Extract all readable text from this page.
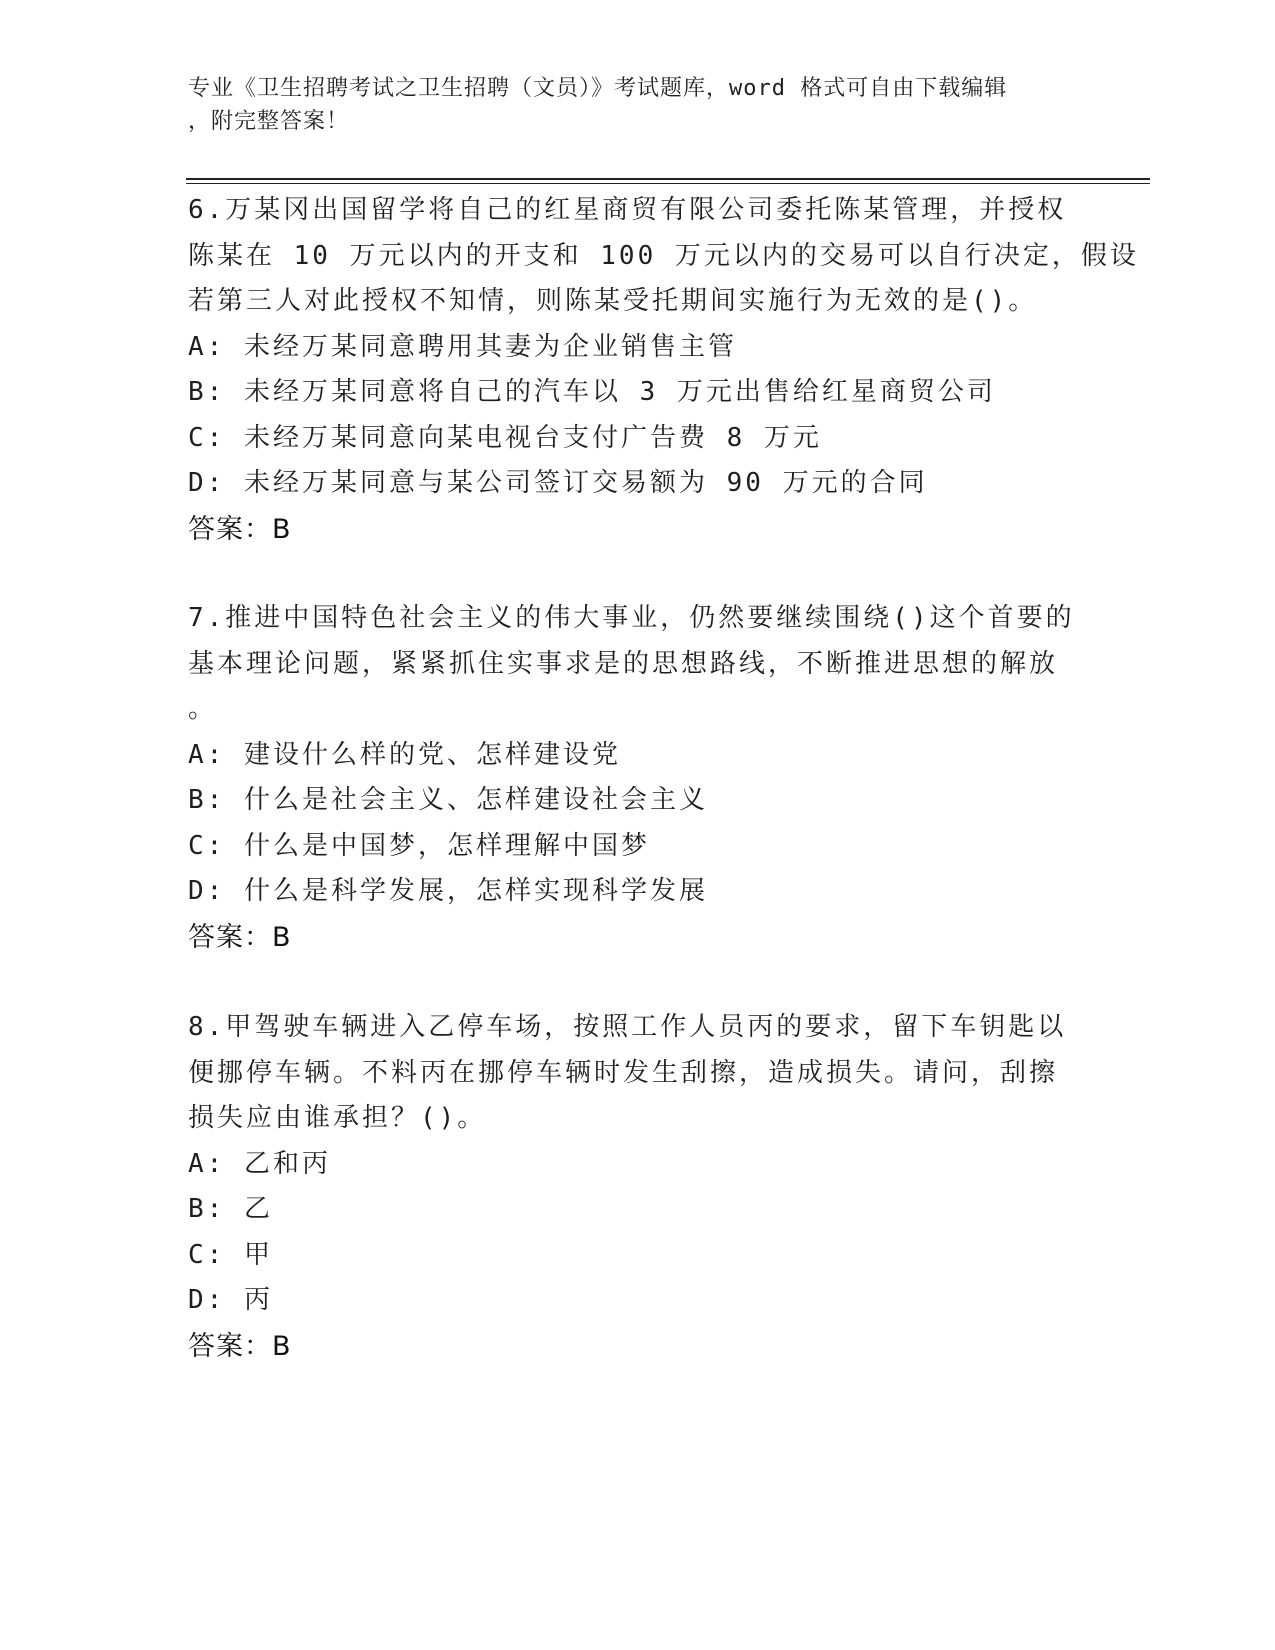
专业《卫生招聘考试之卫生招聘（文员）》考试题库，word 格式可自由下载编辑
，附完整答案！
6.万某冈出国留学将自己的红星商贸有限公司委托陈某管理，并授权
陈某在 10 万元以内的开支和 100 万元以内的交易可以自行决定，假设
若第三人对此授权不知情，则陈某受托期间实施行为无效的是()。
A: 未经万某同意聘用其妻为企业销售主管
B: 未经万某同意将自己的汽车以 3 万元出售给红星商贸公司
C: 未经万某同意向某电视台支付广告费 8 万元
D: 未经万某同意与某公司签订交易额为 90 万元的合同
答案：B
7.推进中国特色社会主义的伟大事业，仍然要继续围绕()这个首要的
基本理论问题，紧紧抓住实事求是的思想路线，不断推进思想的解放
。
A: 建设什么样的党、怎样建设党
B: 什么是社会主义、怎样建设社会主义
C: 什么是中国梦，怎样理解中国梦
D: 什么是科学发展，怎样实现科学发展
答案：B
8.甲驾驶车辆进入乙停车场，按照工作人员丙的要求，留下车钥匙以
便挪停车辆。不料丙在挪停车辆时发生刮擦，造成损失。请问，刮擦
损失应由谁承担？()。
A: 乙和丙
B: 乙
C: 甲
D: 丙
答案：B
